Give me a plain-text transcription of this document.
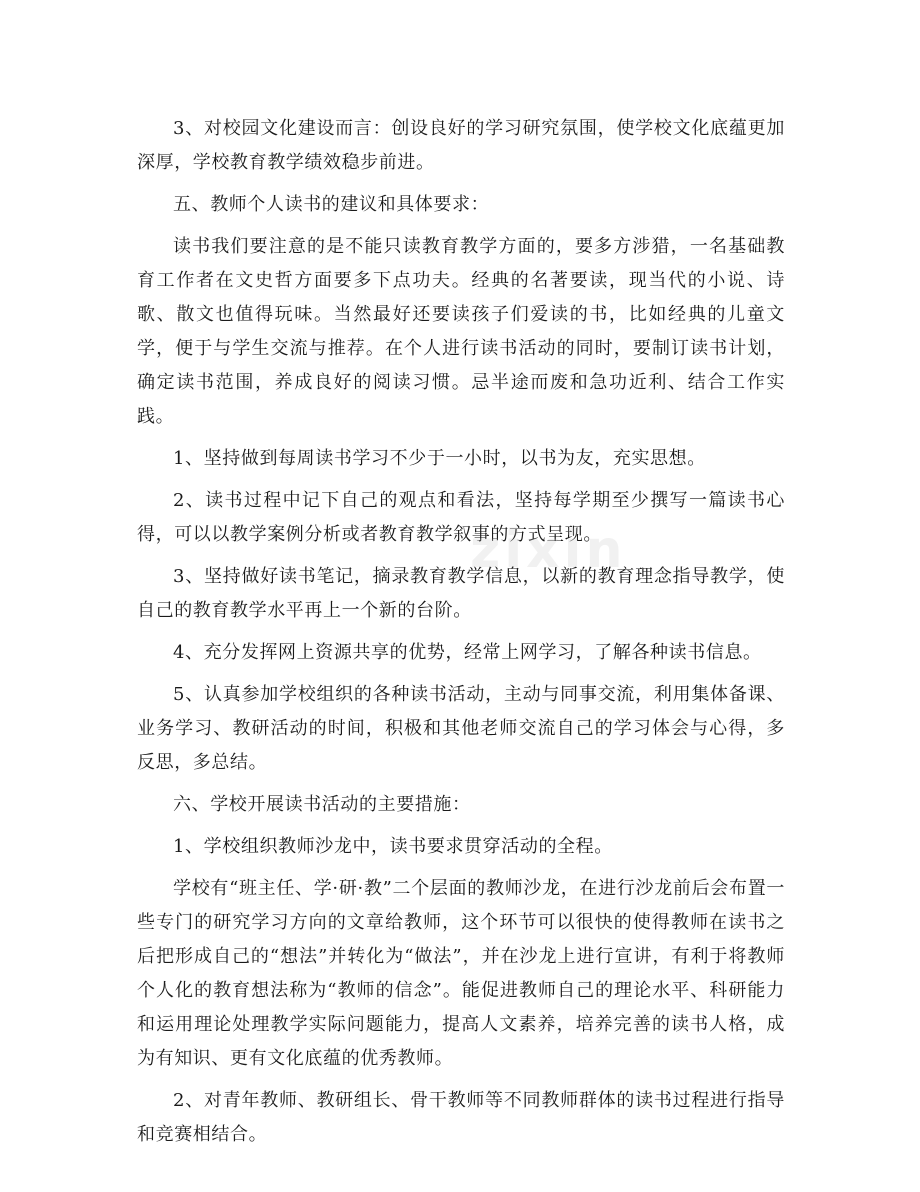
3、对校园文化建设而言：创设良好的学习研究氛围，使学校文化底蕴更加深厚，学校教育教学绩效稳步前进。

五、教师个人读书的建议和具体要求：

读书我们要注意的是不能只读教育教学方面的，要多方涉猎，一名基础教育工作者在文史哲方面要多下点功夫。经典的名著要读，现当代的小说、诗歌、散文也值得玩味。当然最好还要读孩子们爱读的书，比如经典的儿童文学，便于与学生交流与推荐。在个人进行读书活动的同时，要制订读书计划，确定读书范围，养成良好的阅读习惯。忌半途而废和急功近利、结合工作实践。

1、坚持做到每周读书学习不少于一小时，以书为友，充实思想。

2、读书过程中记下自己的观点和看法，坚持每学期至少撰写一篇读书心得，可以以教学案例分析或者教育教学叙事的方式呈现。

3、坚持做好读书笔记，摘录教育教学信息，以新的教育理念指导教学，使自己的教育教学水平再上一个新的台阶。

4、充分发挥网上资源共享的优势，经常上网学习，了解各种读书信息。

5、认真参加学校组织的各种读书活动，主动与同事交流，利用集体备课、业务学习、教研活动的时间，积极和其他老师交流自己的学习体会与心得，多反思，多总结。

六、学校开展读书活动的主要措施：

1、学校组织教师沙龙中，读书要求贯穿活动的全程。

学校有“班主任、学·研·教”二个层面的教师沙龙，在进行沙龙前后会布置一些专门的研究学习方向的文章给教师，这个环节可以很快的使得教师在读书之后把形成自己的“想法”并转化为“做法”，并在沙龙上进行宣讲，有利于将教师个人化的教育想法称为“教师的信念”。能促进教师自己的理论水平、科研能力和运用理论处理教学实际问题能力，提高人文素养，培养完善的读书人格，成为有知识、更有文化底蕴的优秀教师。

2、对青年教师、教研组长、骨干教师等不同教师群体的读书过程进行指导和竞赛相结合。

zixin
